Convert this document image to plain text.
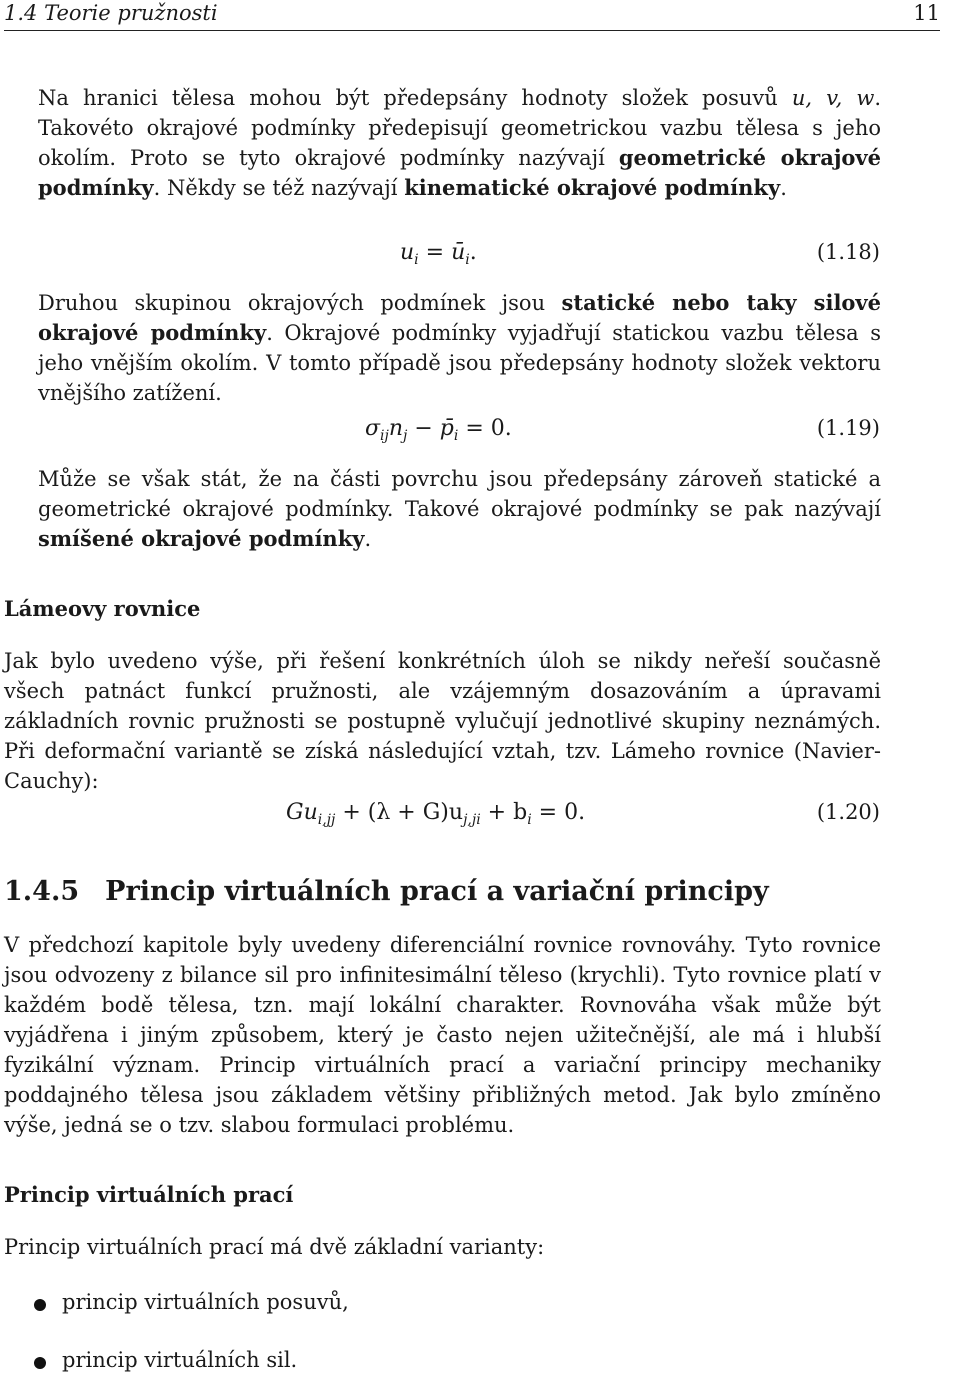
1.4 Teorie pružnosti	11

Na hranici tělesa mohou být předepsány hodnoty složek posuvů u, v, w. Takovéto okrajové podmínky předepisují geometrickou vazbu tělesa s jeho okolím. Proto se tyto okrajové podmínky nazývají geometrické okrajové podmínky. Někdy se též nazývají kinematické okrajové podmínky.

$u_i$ = $ū_i$.	(1.18)

Druhou skupinou okrajových podmínek jsou statické nebo taky silové okrajové podmínky. Okrajové podmínky vyjadřují statickou vazbu tělesa s jeho vnějším okolím. V tomto případě jsou předepsány hodnoty složek vektoru vnějšího zatížení.

$\sigma_{ij}n_j$ − $p̄_i = 0$.	(1.19)

Může se však stát, že na části povrchu jsou předepsány zároveň statické a geometrické okrajové podmínky. Takové okrajové podmínky se pak nazývají smíšené okrajové podmínky.

Lámeovy rovnice

Jak bylo uvedeno výše, při řešení konkrétních úloh se nikdy neřeší současně všech patnáct funkcí pružnosti, ale vzájemným dosazováním a úpravami základních rovnic pružnosti se postupně vylučují jednotlivé skupiny neznámých. Při deformační variantě se získá následující vztah, tzv. Lámeho rovnice (Navier-Cauchy):

$Gu_{i,jj} + (\lambda + G)u_{j,ji} + b_i = 0$.	(1.20)
1.4.5 Princip virtuálních prací a variační principy

V předchozí kapitole byly uvedeny diferenciální rovnice rovnováhy. Tyto rovnice jsou odvozeny z bilance sil pro infinitesimální těleso (krychli). Tyto rovnice platí v každém bodě tělesa, tzn. mají lokální charakter. Rovnováha však může být vyjádřena i jiným způsobem, který je často nejen užitečnější, ale má i hlubší fyzikální význam. Princip virtuálních prací a variační principy mechaniky poddajného tělesa jsou základem většiny přibližných metod. Jak bylo zmíněno výše, jedná se o tzv. slabou formulaci problému.

Princip virtuálních prací

Princip virtuálních prací má dvě základní varianty:

princip virtuálních posuvů,
princip virtuálních sil.
